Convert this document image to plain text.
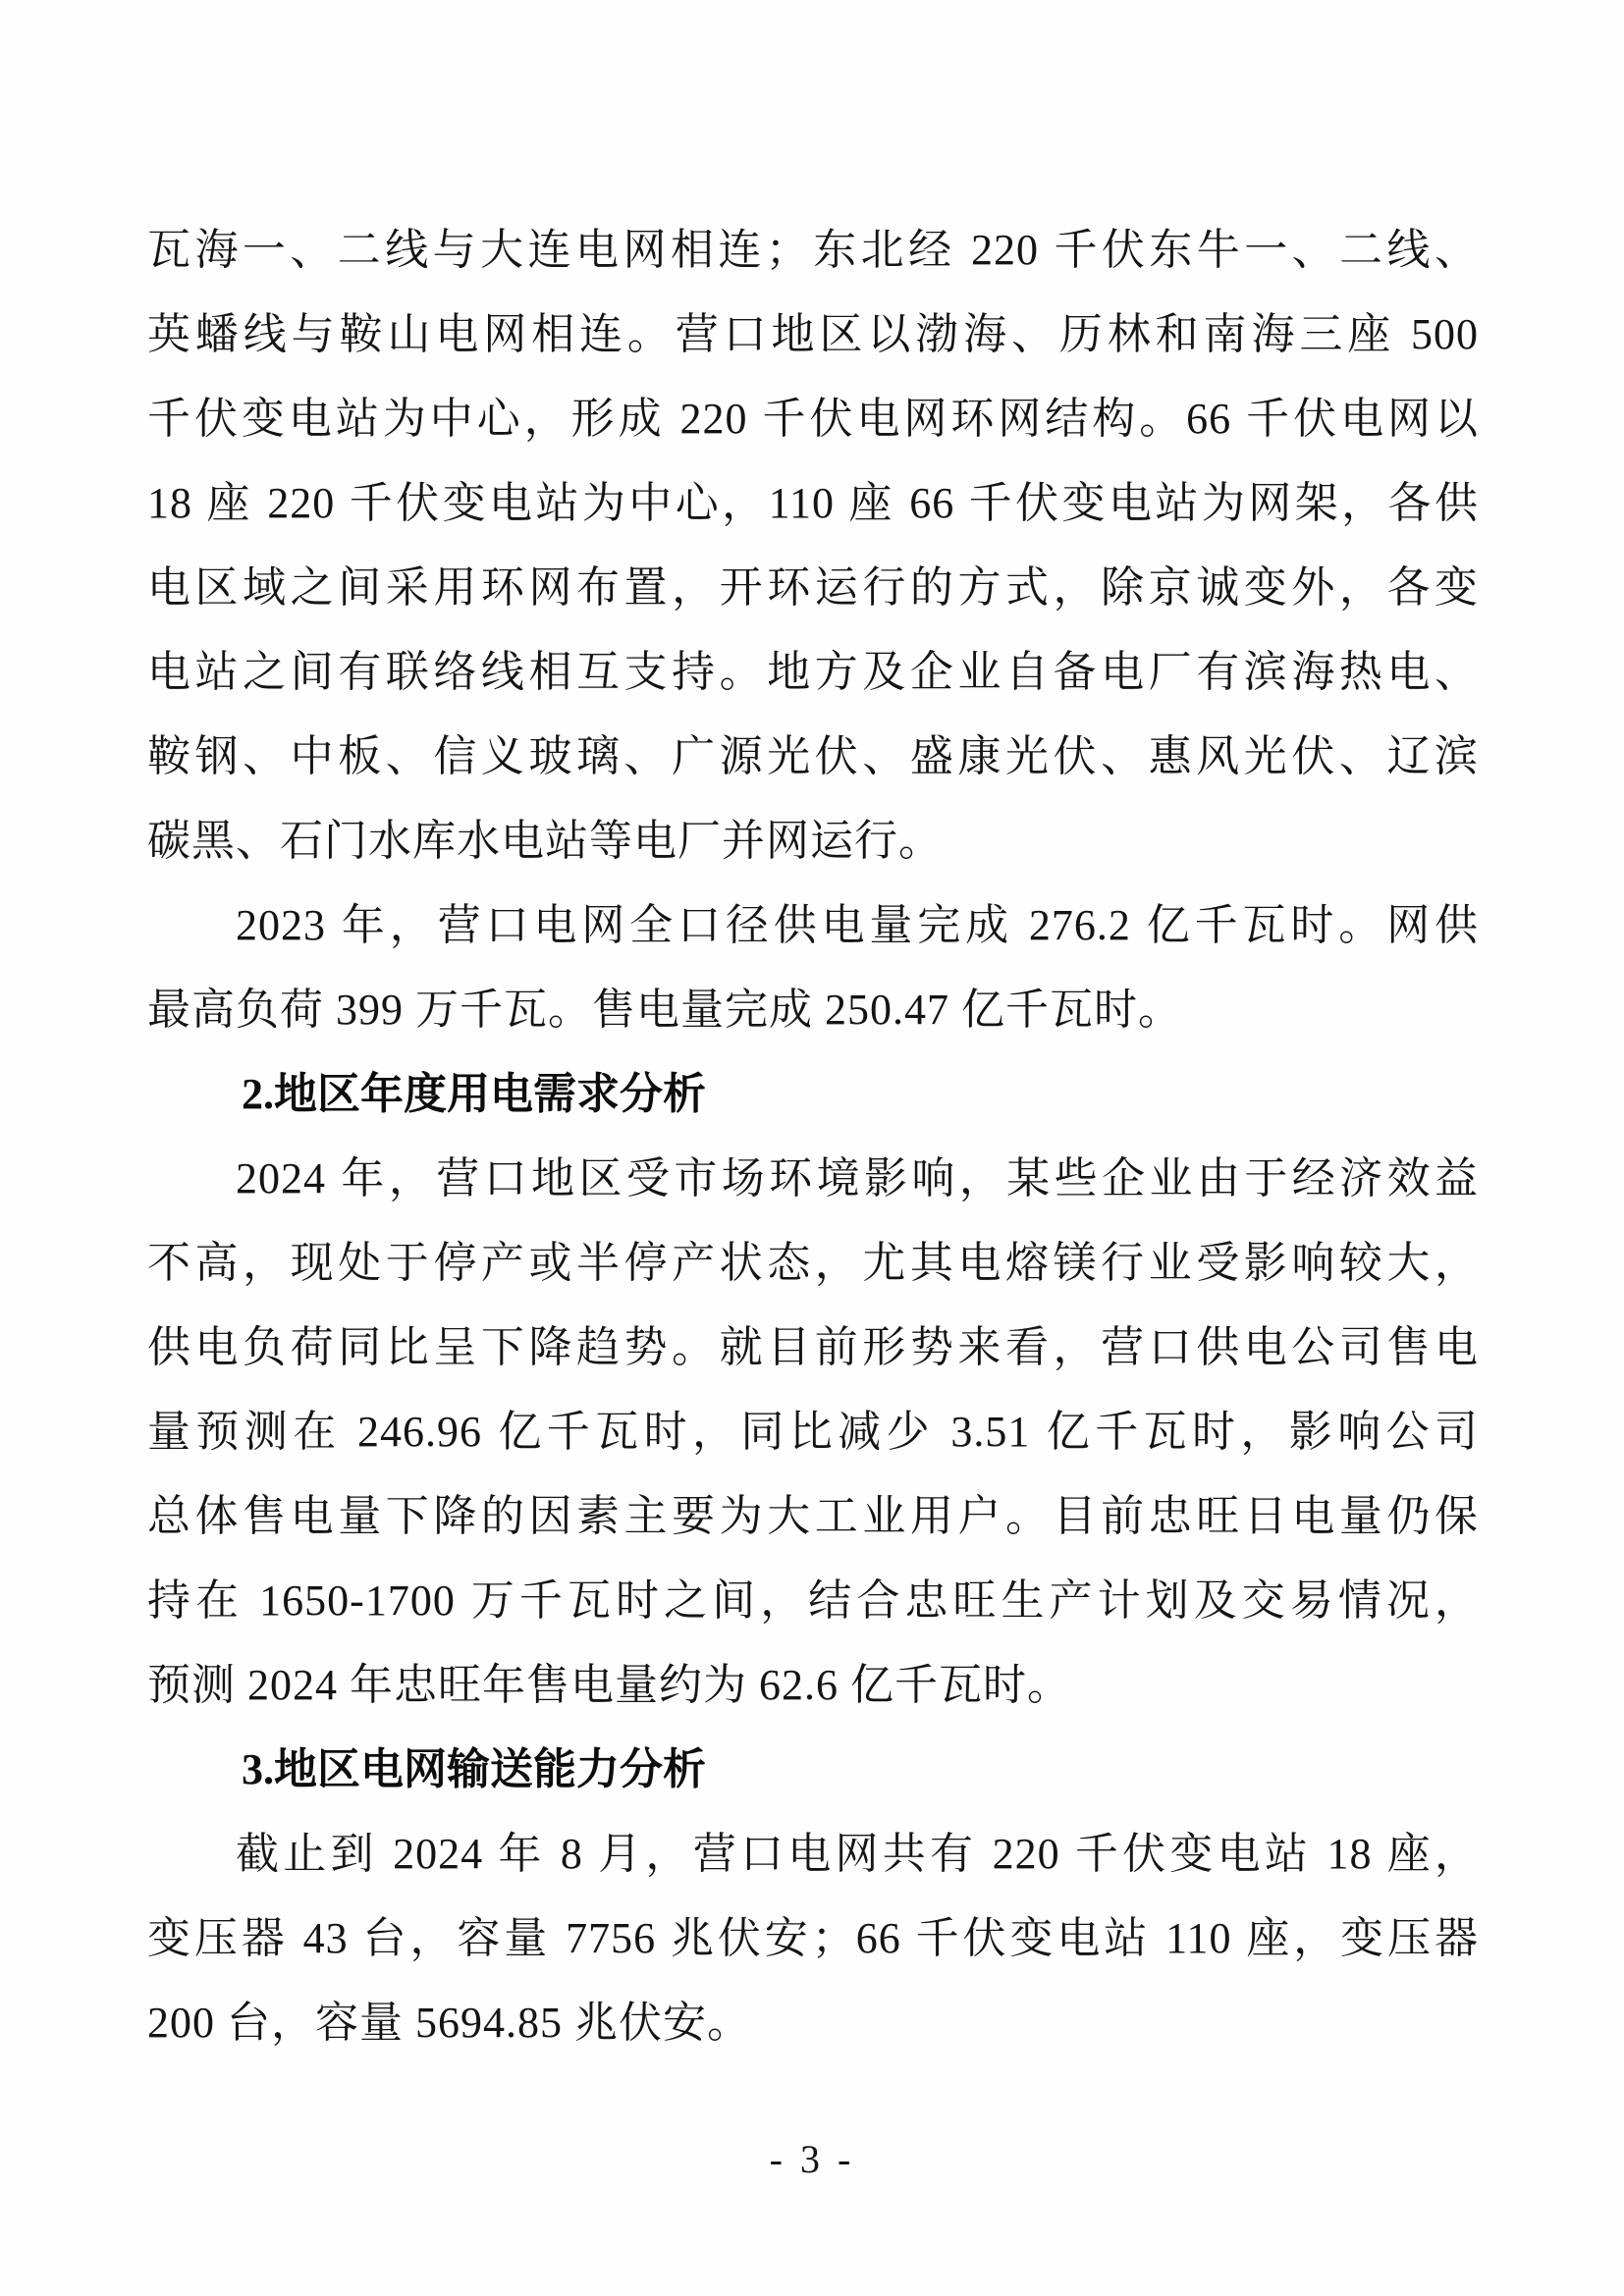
瓦海一、二线与大连电网相连；东北经 220 千伏东牛一、二线、
英蟠线与鞍山电网相连。营口地区以渤海、历林和南海三座 500
千伏变电站为中心，形成 220 千伏电网环网结构。66 千伏电网以
18 座 220 千伏变电站为中心，110 座 66 千伏变电站为网架，各供
电区域之间采用环网布置，开环运行的方式，除京诚变外，各变
电站之间有联络线相互支持。地方及企业自备电厂有滨海热电、
鞍钢、中板、信义玻璃、广源光伏、盛康光伏、惠风光伏、辽滨
碳黑、石门水库水电站等电厂并网运行。
2023 年，营口电网全口径供电量完成 276.2 亿千瓦时。网供
最高负荷 399 万千瓦。售电量完成 250.47 亿千瓦时。
2.地区年度用电需求分析
2024 年，营口地区受市场环境影响，某些企业由于经济效益
不高，现处于停产或半停产状态，尤其电熔镁行业受影响较大，
供电负荷同比呈下降趋势。就目前形势来看，营口供电公司售电
量预测在 246.96 亿千瓦时，同比减少 3.51 亿千瓦时，影响公司
总体售电量下降的因素主要为大工业用户。目前忠旺日电量仍保
持在 1650-1700 万千瓦时之间，结合忠旺生产计划及交易情况，
预测 2024 年忠旺年售电量约为 62.6 亿千瓦时。
3.地区电网输送能力分析
截止到 2024 年 8 月，营口电网共有 220 千伏变电站 18 座，
变压器 43 台，容量 7756 兆伏安；66 千伏变电站 110 座，变压器
200 台，容量 5694.85 兆伏安。
- 3 -
